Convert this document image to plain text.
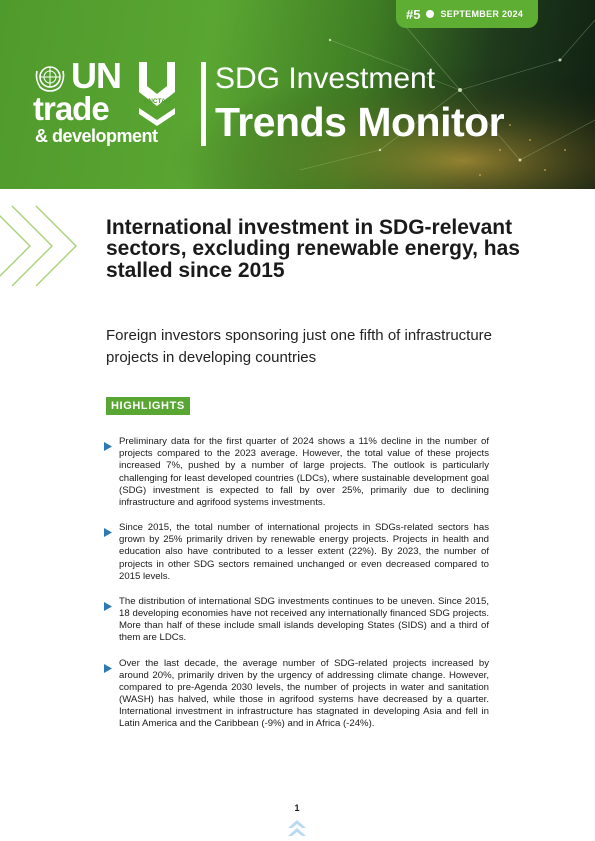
#5 SEPTEMBER 2024
UN
trade
& development
UNCTAD
SDG Investment
Trends Monitor
International investment in SDG-relevant sectors, excluding renewable energy, has stalled since 2015

Foreign investors sponsoring just one fifth of infrastructure projects in developing countries

HIGHLIGHTS

Preliminary data for the first quarter of 2024 shows a 11% decline in the number of projects compared to the 2023 average. However, the total value of these projects increased 7%, pushed by a number of large projects. The outlook is particularly challenging for least developed countries (LDCs), where sustainable development goal (SDG) investment is expected to fall by over 25%, primarily due to declining infrastructure and agrifood systems investments.

Since 2015, the total number of international projects in SDGs-related sectors has grown by 25% primarily driven by renewable energy projects. Projects in health and education also have contributed to a lesser extent (22%). By 2023, the number of projects in other SDG sectors remained unchanged or even decreased compared to 2015 levels.

The distribution of international SDG investments continues to be uneven. Since 2015, 18 developing economies have not received any internationally financed SDG projects. More than half of these include small islands developing States (SIDS) and a third of them are LDCs.

Over the last decade, the average number of SDG-related projects increased by around 20%, primarily driven by the urgency of addressing climate change. However, compared to pre-Agenda 2030 levels, the number of projects in water and sanitation (WASH) has halved, while those in agrifood systems have decreased by a quarter. International investment in infrastructure has stagnated in developing Asia and fell in Latin America and the Caribbean (-9%) and in Africa (-24%).

1
